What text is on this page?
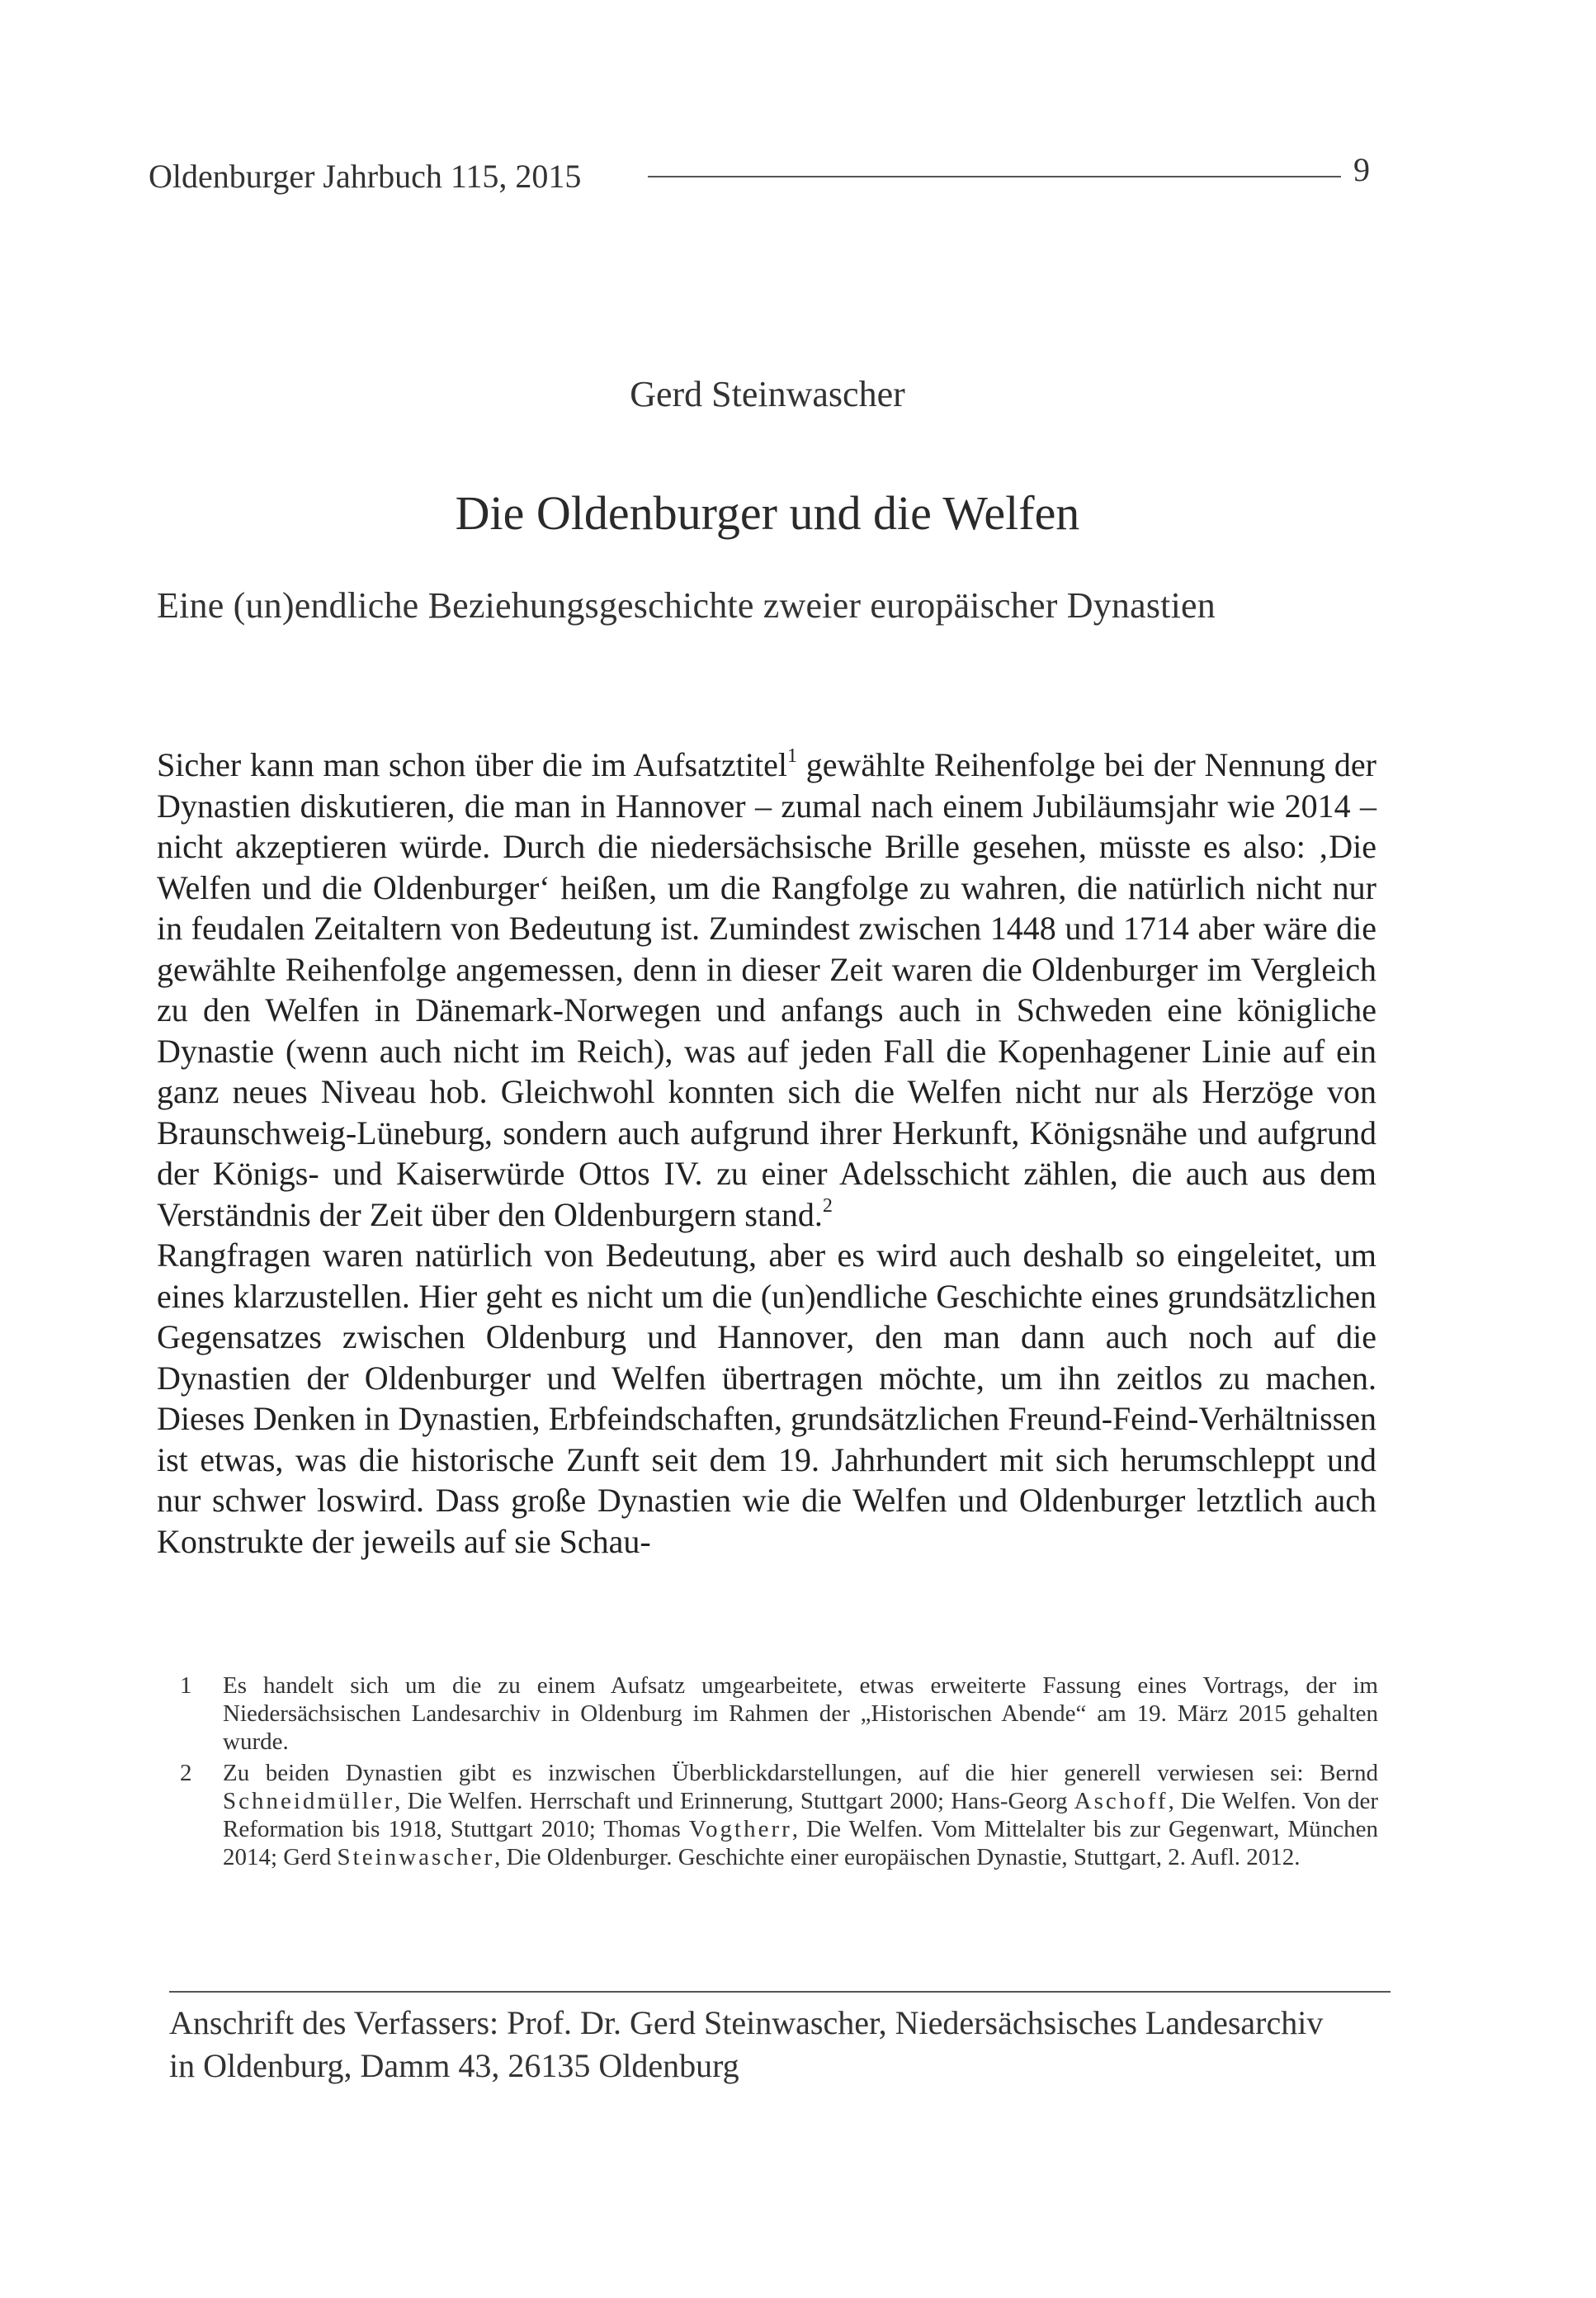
Oldenburger Jahrbuch 115, 2015	9
Gerd Steinwascher
Die Oldenburger und die Welfen
Eine (un)endliche Beziehungsgeschichte zweier europäischer Dynastien

Sicher kann man schon über die im Aufsatztitel$^1$ gewählte Reihenfolge bei der Nennung der Dynastien diskutieren, die man in Hannover – zumal nach einem Jubiläumsjahr wie 2014 – nicht akzeptieren würde. Durch die niedersächsische Brille gesehen, müsste es also: ‚Die Welfen und die Oldenburger‘ heißen, um die Rangfolge zu wahren, die natürlich nicht nur in feudalen Zeitaltern von Bedeutung ist. Zumindest zwischen 1448 und 1714 aber wäre die gewählte Reihenfolge angemessen, denn in dieser Zeit waren die Oldenburger im Vergleich zu den Welfen in Dänemark-Norwegen und anfangs auch in Schweden eine königliche Dynastie (wenn auch nicht im Reich), was auf jeden Fall die Kopenhagener Linie auf ein ganz neues Niveau hob. Gleichwohl konnten sich die Welfen nicht nur als Herzöge von Braunschweig-Lüneburg, sondern auch aufgrund ihrer Herkunft, Königsnähe und aufgrund der Königs- und Kaiserwürde Ottos IV. zu einer Adelsschicht zählen, die auch aus dem Verständnis der Zeit über den Oldenburgern stand.$^2$

Rangfragen waren natürlich von Bedeutung, aber es wird auch deshalb so eingeleitet, um eines klarzustellen. Hier geht es nicht um die (un)endliche Geschichte eines grundsätzlichen Gegensatzes zwischen Oldenburg und Hannover, den man dann auch noch auf die Dynastien der Oldenburger und Welfen übertragen möchte, um ihn zeitlos zu machen. Dieses Denken in Dynastien, Erbfeindschaften, grundsätzlichen Freund-Feind-Verhältnissen ist etwas, was die historische Zunft seit dem 19. Jahrhundert mit sich herumschleppt und nur schwer loswird. Dass große Dynastien wie die Welfen und Oldenburger letztlich auch Konstrukte der jeweils auf sie Schau-

1 Es handelt sich um die zu einem Aufsatz umgearbeitete, etwas erweiterte Fassung eines Vortrags, der im Niedersächsischen Landesarchiv in Oldenburg im Rahmen der „Historischen Abende“ am 19. März 2015 gehalten wurde.
2 Zu beiden Dynastien gibt es inzwischen Überblickdarstellungen, auf die hier generell verwiesen sei: Bernd Schneidmüller, Die Welfen. Herrschaft und Erinnerung, Stuttgart 2000; Hans-Georg Aschoff, Die Welfen. Von der Reformation bis 1918, Stuttgart 2010; Thomas Vogtherr, Die Welfen. Vom Mittelalter bis zur Gegenwart, München 2014; Gerd Steinwascher, Die Oldenburger. Geschichte einer europäischen Dynastie, Stuttgart, 2. Aufl. 2012.
Anschrift des Verfassers: Prof. Dr. Gerd Steinwascher, Niedersächsisches Landesarchiv
in Oldenburg, Damm 43, 26135 Oldenburg
